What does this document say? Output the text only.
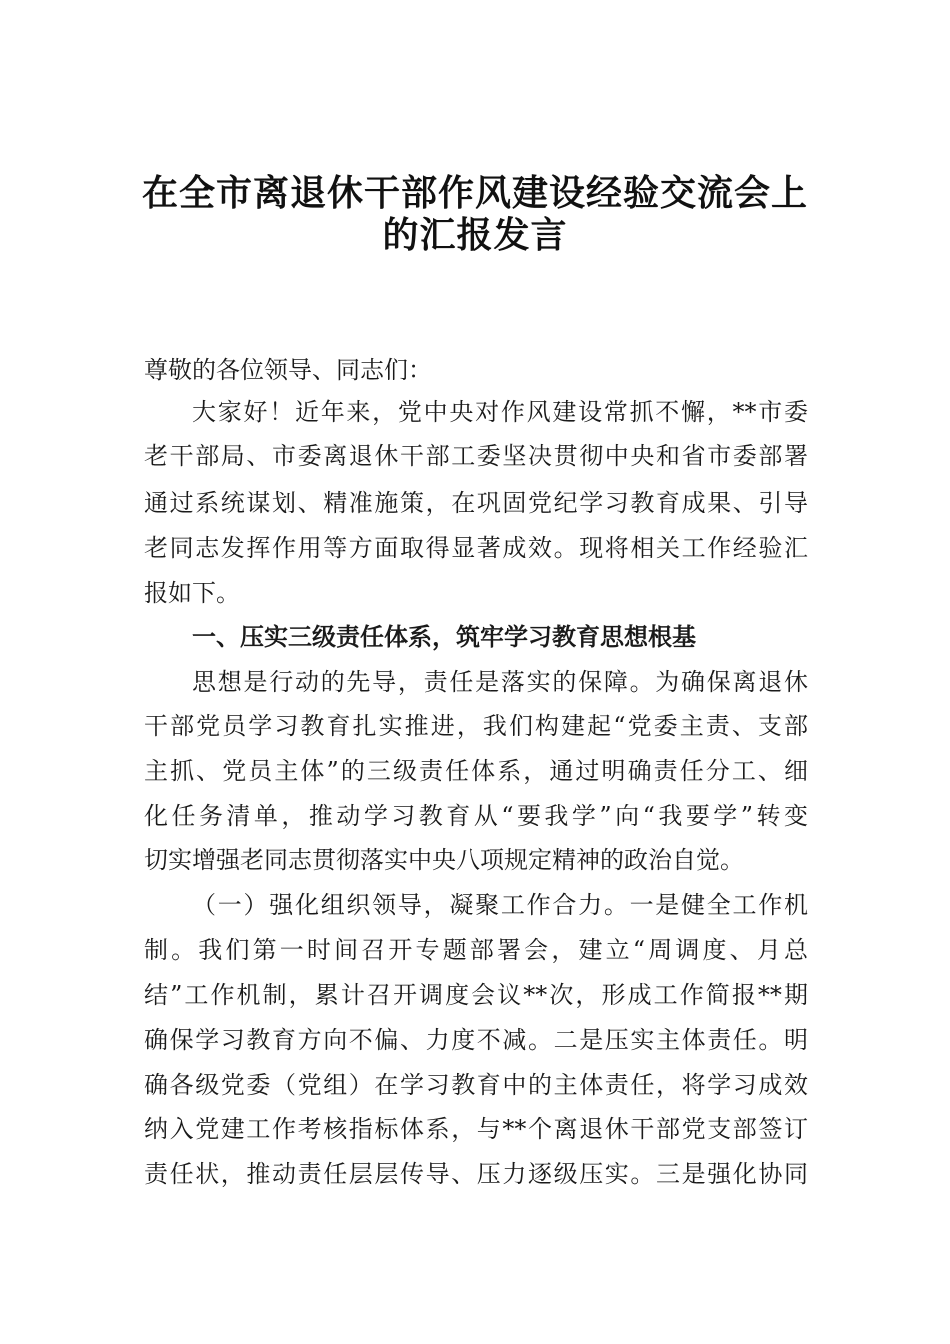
在全市离退休干部作风建设经验交流会上
的汇报发言
尊敬的各位领导、同志们：
大家好！近年来，党中央对作风建设常抓不懈，**市委
老干部局、市委离退休干部工委坚决贯彻中央和省市委部署
通过系统谋划、精准施策，在巩固党纪学习教育成果、引导
老同志发挥作用等方面取得显著成效。现将相关工作经验汇
报如下。
一、压实三级责任体系，筑牢学习教育思想根基
思想是行动的先导，责任是落实的保障。为确保离退休
干部党员学习教育扎实推进，我们构建起“党委主责、支部
主抓、党员主体”的三级责任体系，通过明确责任分工、细
化任务清单，推动学习教育从“要我学”向“我要学”转变
切实增强老同志贯彻落实中央八项规定精神的政治自觉。
（一）强化组织领导，凝聚工作合力。一是健全工作机
制。我们第一时间召开专题部署会，建立“周调度、月总
结”工作机制，累计召开调度会议**次，形成工作简报**期
确保学习教育方向不偏、力度不减。二是压实主体责任。明
确各级党委（党组）在学习教育中的主体责任，将学习成效
纳入党建工作考核指标体系，与**个离退休干部党支部签订
责任状，推动责任层层传导、压力逐级压实。三是强化协同
